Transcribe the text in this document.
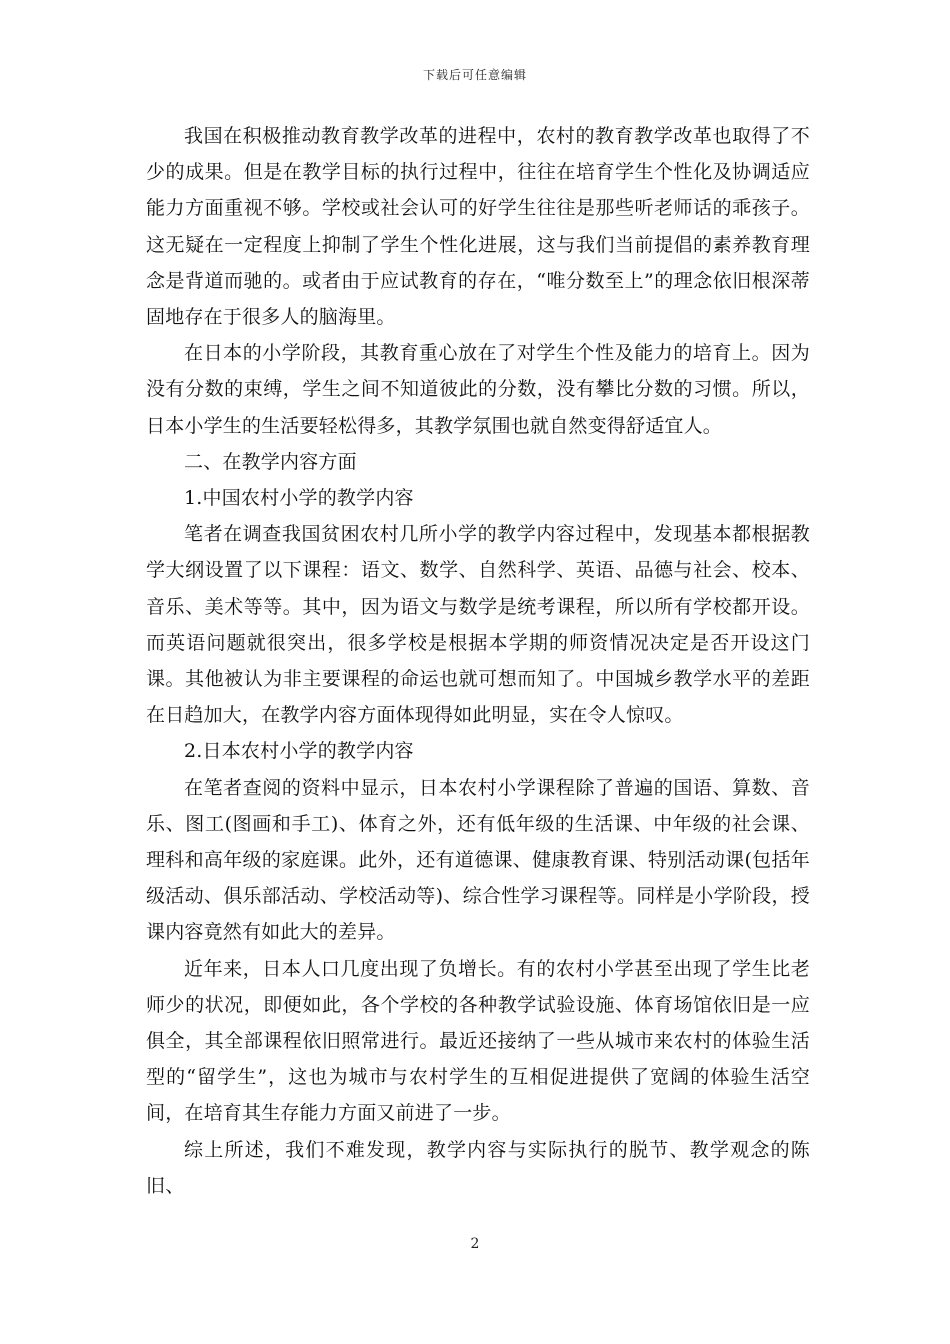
下载后可任意编辑

我国在积极推动教育教学改革的进程中，农村的教育教学改革也取得了不少的成果。但是在教学目标的执行过程中，往往在培育学生个性化及协调适应能力方面重视不够。学校或社会认可的好学生往往是那些听老师话的乖孩子。这无疑在一定程度上抑制了学生个性化进展，这与我们当前提倡的素养教育理念是背道而驰的。或者由于应试教育的存在，“唯分数至上”的理念依旧根深蒂固地存在于很多人的脑海里。

在日本的小学阶段，其教育重心放在了对学生个性及能力的培育上。因为没有分数的束缚，学生之间不知道彼此的分数，没有攀比分数的习惯。所以，日本小学生的生活要轻松得多，其教学氛围也就自然变得舒适宜人。

二、在教学内容方面

1.中国农村小学的教学内容

笔者在调查我国贫困农村几所小学的教学内容过程中，发现基本都根据教学大纲设置了以下课程：语文、数学、自然科学、英语、品德与社会、校本、音乐、美术等等。其中，因为语文与数学是统考课程，所以所有学校都开设。而英语问题就很突出，很多学校是根据本学期的师资情况决定是否开设这门课。其他被认为非主要课程的命运也就可想而知了。中国城乡教学水平的差距在日趋加大，在教学内容方面体现得如此明显，实在令人惊叹。

2.日本农村小学的教学内容

在笔者查阅的资料中显示，日本农村小学课程除了普遍的国语、算数、音乐、图工(图画和手工)、体育之外，还有低年级的生活课、中年级的社会课、理科和高年级的家庭课。此外，还有道德课、健康教育课、特别活动课(包括年级活动、俱乐部活动、学校活动等)、综合性学习课程等。同样是小学阶段，授课内容竟然有如此大的差异。

近年来，日本人口几度出现了负增长。有的农村小学甚至出现了学生比老师少的状况，即便如此，各个学校的各种教学试验设施、体育场馆依旧是一应俱全，其全部课程依旧照常进行。最近还接纳了一些从城市来农村的体验生活型的“留学生”，这也为城市与农村学生的互相促进提供了宽阔的体验生活空间，在培育其生存能力方面又前进了一步。

综上所述，我们不难发现，教学内容与实际执行的脱节、教学观念的陈旧、

2
